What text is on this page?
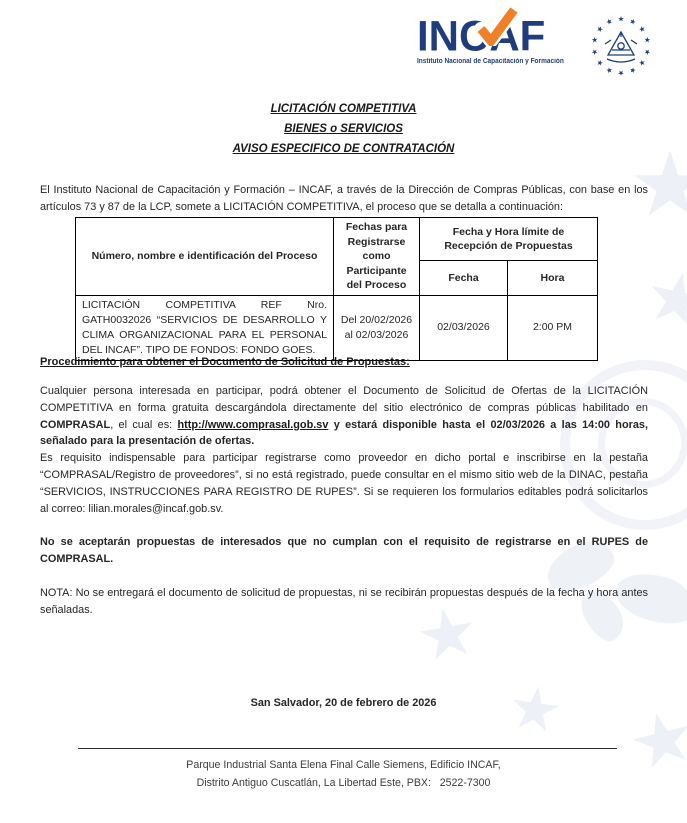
INCAF
Instituto Nacional de Capacitación y Formación
LICITACIÓN COMPETITIVA
BIENES o SERVICIOS
AVISO ESPECIFICO DE CONTRATACIÓN

El Instituto Nacional de Capacitación y Formación – INCAF, a través de la Dirección de Compras Públicas, con base en los artículos 73 y 87 de la LCP, somete a LICITACIÓN COMPETITIVA, el proceso que se detalla a continuación:

Número, nombre e identificación del Proceso	Fechas para Registrarse como Participante del Proceso	Fecha y Hora límite de Recepción de Propuestas	
		Fecha	Hora
LICITACIÓN COMPETITIVA REF Nro. GATH0032026 “SERVICIOS DE DESARROLLO Y CLIMA ORGANIZACIONAL PARA EL PERSONAL DEL INCAF”. TIPO DE FONDOS: FONDO GOES.	Del 20/02/2026 al 02/03/2026	02/03/2026	2:00 PM
Procedimiento para obtener el Documento de Solicitud de Propuestas:

Cualquier persona interesada en participar, podrá obtener el Documento de Solicitud de Ofertas de la LICITACIÓN COMPETITIVA en forma gratuita descargándola directamente del sitio electrónico de compras públicas habilitado en COMPRASAL, el cual es: http://www.comprasal.gob.sv y estará disponible hasta el 02/03/2026 a las 14:00 horas, señalado para la presentación de ofertas.

Es requisito indispensable para participar registrarse como proveedor en dicho portal e inscribirse en la pestaña “COMPRASAL/Registro de proveedores”, si no está registrado, puede consultar en el mismo sitio web de la DINAC, pestaña “SERVICIOS, INSTRUCCIONES PARA REGISTRO DE RUPES”. Si se requieren los formularios editables podrá solicitarlos al correo: lilian.morales@incaf.gob.sv.

No se aceptarán propuestas de interesados que no cumplan con el requisito de registrarse en el RUPES de COMPRASAL.

NOTA: No se entregará el documento de solicitud de propuestas, ni se recibirán propuestas después de la fecha y hora antes señaladas.

San Salvador, 20 de febrero de 2026
Parque Industrial Santa Elena Final Calle Siemens, Edificio INCAF,
Distrito Antiguo Cuscatlán, La Libertad Este, PBX:   2522-7300
